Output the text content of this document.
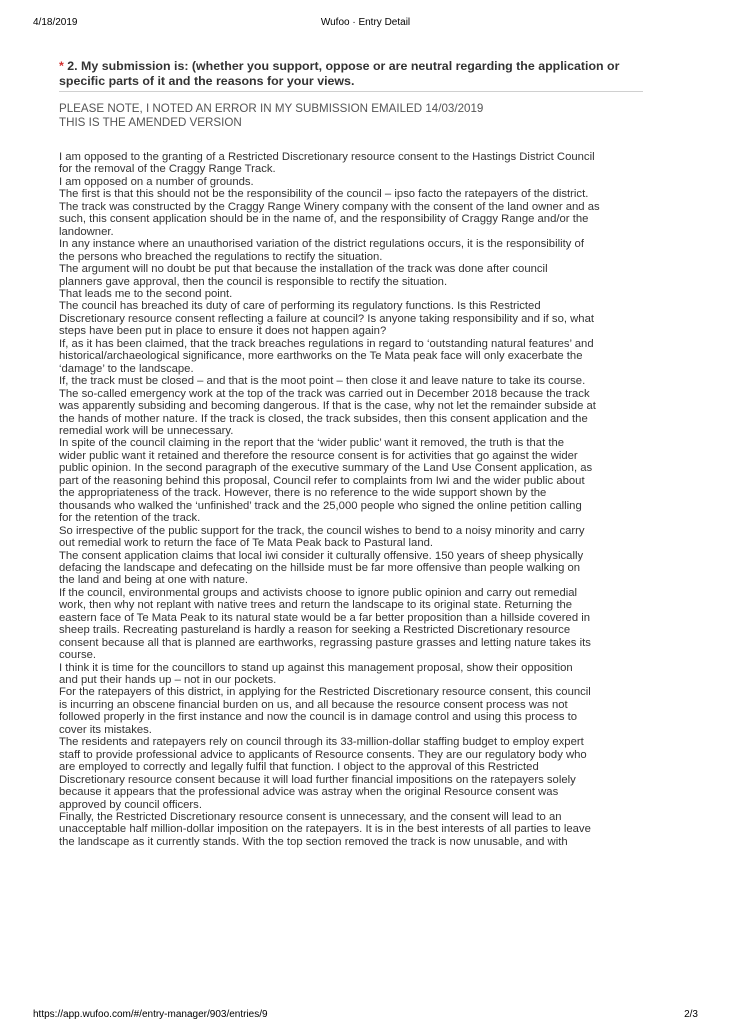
4/18/2019	Wufoo · Entry Detail
* 2. My submission is: (whether you support, oppose or are neutral regarding the application or specific parts of it and the reasons for your views.
PLEASE NOTE, I NOTED AN ERROR IN MY SUBMISSION EMAILED 14/03/2019
THIS IS THE AMENDED VERSION
I am opposed to the granting of a Restricted Discretionary resource consent to the Hastings District Council
for the removal of the Craggy Range Track.
I am opposed on a number of grounds.
The first is that this should not be the responsibility of the council – ipso facto the ratepayers of the district.
The track was constructed by the Craggy Range Winery company with the consent of the land owner and as
such, this consent application should be in the name of, and the responsibility of Craggy Range and/or the
landowner.
In any instance where an unauthorised variation of the district regulations occurs, it is the responsibility of
the persons who breached the regulations to rectify the situation.
The argument will no doubt be put that because the installation of the track was done after council
planners gave approval, then the council is responsible to rectify the situation.
That leads me to the second point.
The council has breached its duty of care of performing its regulatory functions. Is this Restricted
Discretionary resource consent reflecting a failure at council? Is anyone taking responsibility and if so, what
steps have been put in place to ensure it does not happen again?
If, as it has been claimed, that the track breaches regulations in regard to ‘outstanding natural features’ and
historical/archaeological significance, more earthworks on the Te Mata peak face will only exacerbate the
‘damage’ to the landscape.
If, the track must be closed – and that is the moot point – then close it and leave nature to take its course.
The so-called emergency work at the top of the track was carried out in December 2018 because the track
was apparently subsiding and becoming dangerous. If that is the case, why not let the remainder subside at
the hands of mother nature. If the track is closed, the track subsides, then this consent application and the
remedial work will be unnecessary.
In spite of the council claiming in the report that the ‘wider public’ want it removed, the truth is that the
wider public want it retained and therefore the resource consent is for activities that go against the wider
public opinion. In the second paragraph of the executive summary of the Land Use Consent application, as
part of the reasoning behind this proposal, Council refer to complaints from Iwi and the wider public about
the appropriateness of the track. However, there is no reference to the wide support shown by the
thousands who walked the ‘unfinished’ track and the 25,000 people who signed the online petition calling
for the retention of the track.
So irrespective of the public support for the track, the council wishes to bend to a noisy minority and carry
out remedial work to return the face of Te Mata Peak back to Pastural land.
The consent application claims that local iwi consider it culturally offensive. 150 years of sheep physically
defacing the landscape and defecating on the hillside must be far more offensive than people walking on
the land and being at one with nature.
If the council, environmental groups and activists choose to ignore public opinion and carry out remedial
work, then why not replant with native trees and return the landscape to its original state. Returning the
eastern face of Te Mata Peak to its natural state would be a far better proposition than a hillside covered in
sheep trails. Recreating pastureland is hardly a reason for seeking a Restricted Discretionary resource
consent because all that is planned are earthworks, regrassing pasture grasses and letting nature takes its
course.
I think it is time for the councillors to stand up against this management proposal, show their opposition
and put their hands up – not in our pockets.
For the ratepayers of this district, in applying for the Restricted Discretionary resource consent, this council
is incurring an obscene financial burden on us, and all because the resource consent process was not
followed properly in the first instance and now the council is in damage control and using this process to
cover its mistakes.
The residents and ratepayers rely on council through its 33-million-dollar staffing budget to employ expert
staff to provide professional advice to applicants of Resource consents. They are our regulatory body who
are employed to correctly and legally fulfil that function. I object to the approval of this Restricted
Discretionary resource consent because it will load further financial impositions on the ratepayers solely
because it appears that the professional advice was astray when the original Resource consent was
approved by council officers.
Finally, the Restricted Discretionary resource consent is unnecessary, and the consent will lead to an
unacceptable half million-dollar imposition on the ratepayers. It is in the best interests of all parties to leave
the landscape as it currently stands. With the top section removed the track is now unusable, and with
https://app.wufoo.com/#/entry-manager/903/entries/9	2/3
